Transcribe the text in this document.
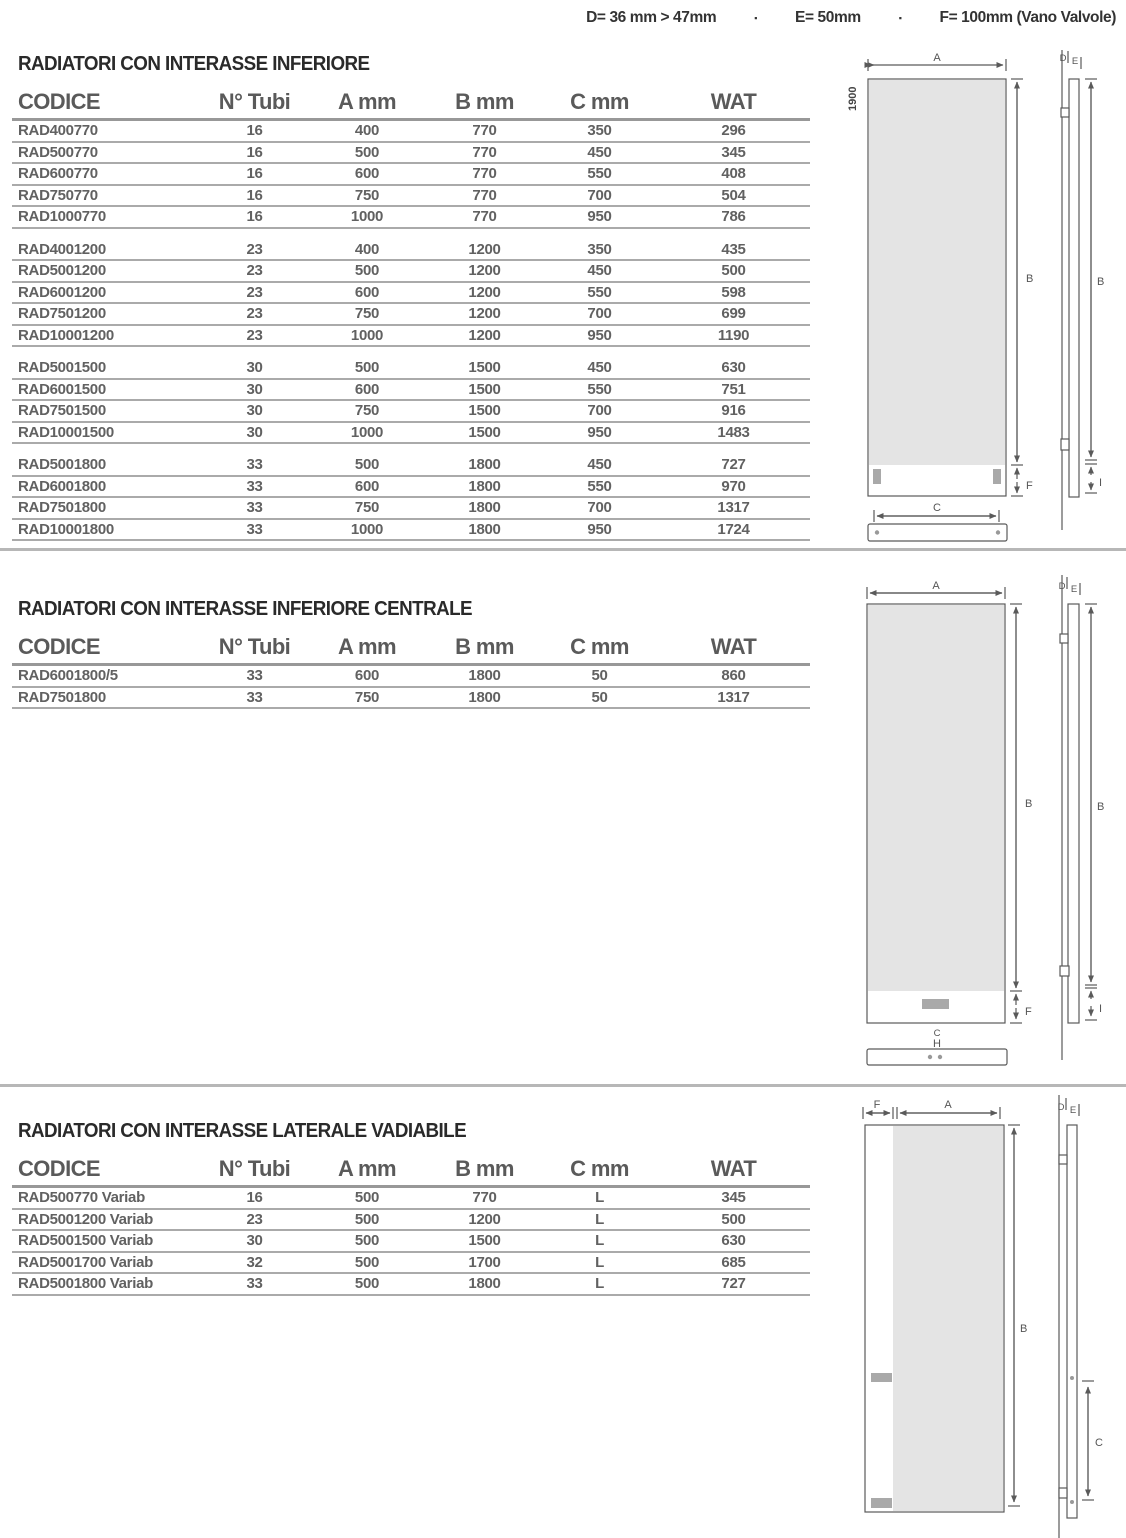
D= 36 mm > 47mm	▪ E= 50mm	▪ F= 100mm (Vano Valvole)
RADIATORI CON INTERASSE INFERIORE
CODICE	N° Tubi	A mm	B mm	C mm	WAT
RAD400770	16	400	770	350	296
RAD500770	16	500	770	450	345
RAD600770	16	600	770	550	408
RAD750770	16	750	770	700	504
RAD1000770	16	1000	770	950	786
RAD4001200	23	400	1200	350	435
RAD5001200	23	500	1200	450	500
RAD6001200	23	600	1200	550	598
RAD7501200	23	750	1200	700	699
RAD10001200	23	1000	1200	950	1190
RAD5001500	30	500	1500	450	630
RAD6001500	30	600	1500	550	751
RAD7501500	30	750	1500	700	916
RAD10001500	30	1000	1500	950	1483
RAD5001800	33	500	1800	450	727
RAD6001800	33	600	1800	550	970
RAD7501800	33	750	1800	700	1317
RAD10001800	33	1000	1800	950	1724
RADIATORI CON INTERASSE INFERIORE CENTRALE
CODICE	N° Tubi	A mm	B mm	C mm	WAT
RAD6001800/5	33	600	1800	50	860
RAD7501800	33	750	1800	50	1317
RADIATORI CON INTERASSE LATERALE VADIABILE
CODICE	N° Tubi	A mm	B mm	C mm	WAT
RAD500770 Variab	16	500	770	L	345
RAD5001200 Variab	23	500	1200	L	500
RAD5001500 Variab	30	500	1500	L	630
RAD5001700 Variab	32	500	1700	L	685
RAD5001800 Variab	33	500	1800	L	727
A
1900
B
F
C
D E
B
I
A
B
F
C
H
D E
B
I
F	A
B
D E
C
